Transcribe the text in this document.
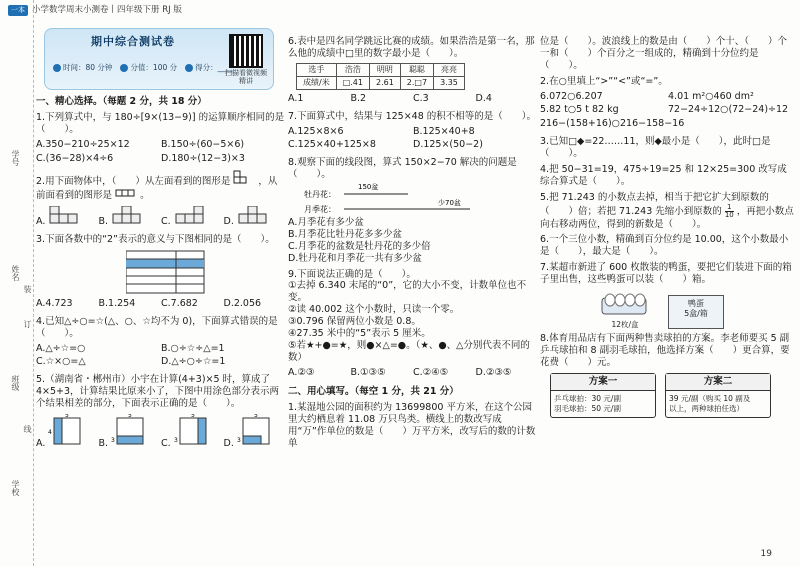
一本 小学数学周末小测卷丨四年级下册 RJ 版
学号
姓名
班级
学校
装
订
线
期中综合测试卷
扫描看微视频精讲
时间：80 分钟	分值：100 分	得分：____
一、精心选择。（每题 2 分，共 18 分）
1.下列算式中，与 180÷[9×(13−9)] 的运算顺序相同的是（　　）。
A.350−210÷25×12	B.150÷(60−5×6)
C.(36−28)×4÷6	D.180÷(12−3)×3
2.用下面物体中，（　　）从左面看到的图形是	，从前面看到的图形是	。
A.	B.	C.	D.
3.下面各数中的“2”表示的意义与下图相同的是（　　）。
A.4.723	B.1.254	C.7.682	D.2.056
4.已知△÷○=☆(△、○、☆均不为 0)，下面算式错误的是（　　）。
A.△÷☆=○	B.○÷☆÷△=1
C.☆×○=△	D.△÷○÷☆=1
5.（湖南省・郴州市）小宇在计算(4+3)×5 时，算成了 4×5+3，计算结果比原来小了，下图中用涂色部分表示两个结果相差的部分，下面表示正确的是（　　）。
A.
5
4
B.
5
3	C.
5
3	D.
5
3
6.表中是四名同学跳远比赛的成绩。如果浩浩是第一名，那么他的成绩中□里的数字最小是（　　）。
选手	浩浩	明明	聪聪	亮亮
成绩/米	□.41	2.61	2.□7	3.35
A.1	B.2	C.3	D.4
7.下面算式中，结果与 125×48 的积不相等的是（　　）。
A.125×8×6	B.125×40+8
C.125×40+125×8	D.125×(50−2)
8.观察下面的线段图，算式 150×2−70 解决的问题是（　　）。
牡丹花：
月季花：
150盆
少70盆
A.月季花有多少盆
B.月季花比牡丹花多多少盆
C.月季花的盆数是牡丹花的多少倍
D.牡丹花和月季花一共有多少盆
9.下面说法正确的是（　　）。
①去掉 6.340 末尾的“0”，它的大小不变，计数单位也不变。
②读 40.002 这个小数时，只读一个零。
③0.796 保留两位小数是 0.8。
④27.35 米中的“5”表示 5 厘米。
⑤若★+●=★，则●×△=●。（★、●、△分别代表不同的数）
A.②③	B.①③⑤	C.②④⑤	D.②③⑤
二、用心填写。（每空 1 分，共 21 分）
1.某湿地公园的面积约为 13699800 平方米，在这个公园里大约栖息着 11.08 万只鸟类。横线上的数改写成用“万”作单位的数是（　　）万平方米，改写后的数的计数单
位是（　　）。波浪线上的数是由（　　）个十、（　　）个一和（　　）个百分之一组成的，精确到十分位约是（　　）。
2.在○里填上“>”“<”或“=”。
6.072○6.207	4.01 m²○460 dm²
5.82 t○5 t 82 kg	72−24÷12○(72−24)÷12
216−(158+16)○216−158−16
3.已知□◆=22……11，则◆最小是（　　），此时□是（　　）。
4.把 50−31=19，475÷19=25 和 12×25=300 改写成综合算式是（　　）。
5.把 71.243 的小数点去掉，相当于把它扩大到原数的（　　）倍；若把 71.243 先缩小到原数的 $\frac{1}{10}$ ，再把小数点向右移动两位，得到的新数是（　　）。
6.一个三位小数，精确到百分位约是 10.00，这个小数最小是（　　），最大是（　　）。
7.某超市新进了 600 枚散装的鸭蛋，要把它们装进下面的箱子里出售，这些鸭蛋可以装（　　）箱。
12枚/盒
鸭蛋
5盒/箱
8.体育用品店有下面两种售卖球拍的方案。李老师要买 5 副乒乓球拍和 8 副羽毛球拍，他选择方案（　　）更合算，要花费（　　）元。
方案一
乒乓球拍：30 元/副
羽毛球拍：50 元/副

方案二
39 元/副（购买 10 副及
以上，两种球拍任选）
19
